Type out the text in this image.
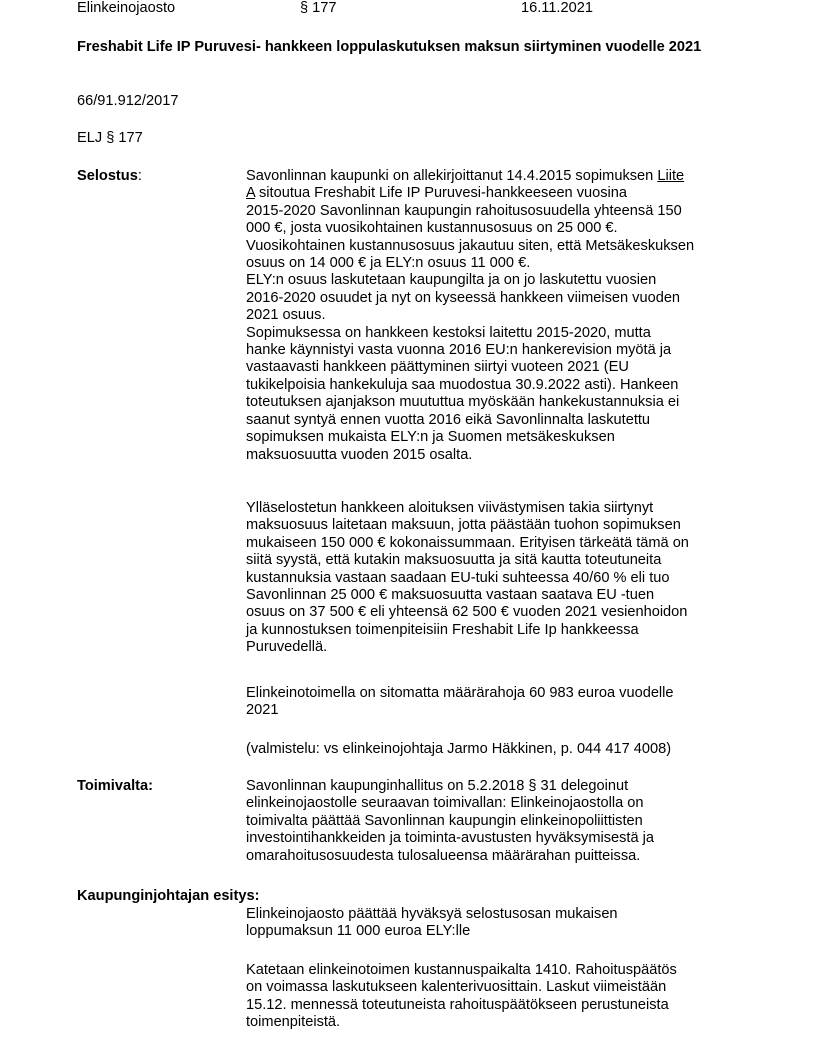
Elinkeinojaosto	§ 177	16.11.2021
Freshabit Life IP Puruvesi- hankkeen loppulaskutuksen maksun siirtyminen vuodelle 2021
66/91.912/2017
ELJ § 177
Selostus:	Savonlinnan kaupunki on allekirjoittanut 14.4.2015 sopimuksen Liite
A sitoutua Freshabit Life IP Puruvesi-hankkeeseen vuosina
2015-2020 Savonlinnan kaupungin rahoitusosuudella yhteensä 150
000 €, josta vuosikohtainen kustannusosuus on 25 000 €.
Vuosikohtainen kustannusosuus jakautuu siten, että Metsäkeskuksen
osuus on 14 000 € ja ELY:n osuus 11 000 €.
ELY:n osuus laskutetaan kaupungilta ja on jo laskutettu vuosien
2016-2020 osuudet ja nyt on kyseessä hankkeen viimeisen vuoden
2021 osuus.
Sopimuksessa on hankkeen kestoksi laitettu 2015-2020, mutta
hanke käynnistyi vasta vuonna 2016 EU:n hankerevision myötä ja
vastaavasti hankkeen päättyminen siirtyi vuoteen 2021 (EU
tukikelpoisia hankekuluja saa muodostua 30.9.2022 asti). Hankeen
toteutuksen ajanjakson muututtua myöskään hankekustannuksia ei
saanut syntyä ennen vuotta 2016 eikä Savonlinnalta laskutettu
sopimuksen mukaista ELY:n ja Suomen metsäkeskuksen
maksuosuutta vuoden 2015 osalta.

Ylläselostetun hankkeen aloituksen viivästymisen takia siirtynyt
maksuosuus laitetaan maksuun, jotta päästään tuohon sopimuksen
mukaiseen 150 000 € kokonaissummaan. Erityisen tärkeätä tämä on
siitä syystä, että kutakin maksuosuutta ja sitä kautta toteutuneita
kustannuksia vastaan saadaan EU-tuki suhteessa 40/60 % eli tuo
Savonlinnan 25 000 € maksuosuutta vastaan saatava EU -tuen
osuus on 37 500 € eli yhteensä 62 500 € vuoden 2021 vesienhoidon
ja kunnostuksen toimenpiteisiin Freshabit Life Ip hankkeessa
Puruvedellä.
Elinkeinotoimella on sitomatta määrärahoja 60 983 euroa vuodelle
2021
(valmistelu: vs elinkeinojohtaja Jarmo Häkkinen, p. 044 417 4008)
Toimivalta:	Savonlinnan kaupunginhallitus on 5.2.2018 § 31 delegoinut
elinkeinojaostolle seuraavan toimivallan: Elinkeinojaostolla on
toimivalta päättää Savonlinnan kaupungin elinkeinopoliittisten
investointihankkeiden ja toiminta-avustusten hyväksymisestä ja
omarahoitusosuudesta tulosalueensa määrärahan puitteissa.
Kaupunginjohtajan esitys:
Elinkeinojaosto päättää hyväksyä selostusosan mukaisen
loppumaksun 11 000 euroa ELY:lle
Katetaan elinkeinotoimen kustannuspaikalta 1410. Rahoituspäätös
on voimassa laskutukseen kalenterivuosittain. Laskut viimeistään
15.12. mennessä toteutuneista rahoituspäätökseen perustuneista
toimenpiteistä.
